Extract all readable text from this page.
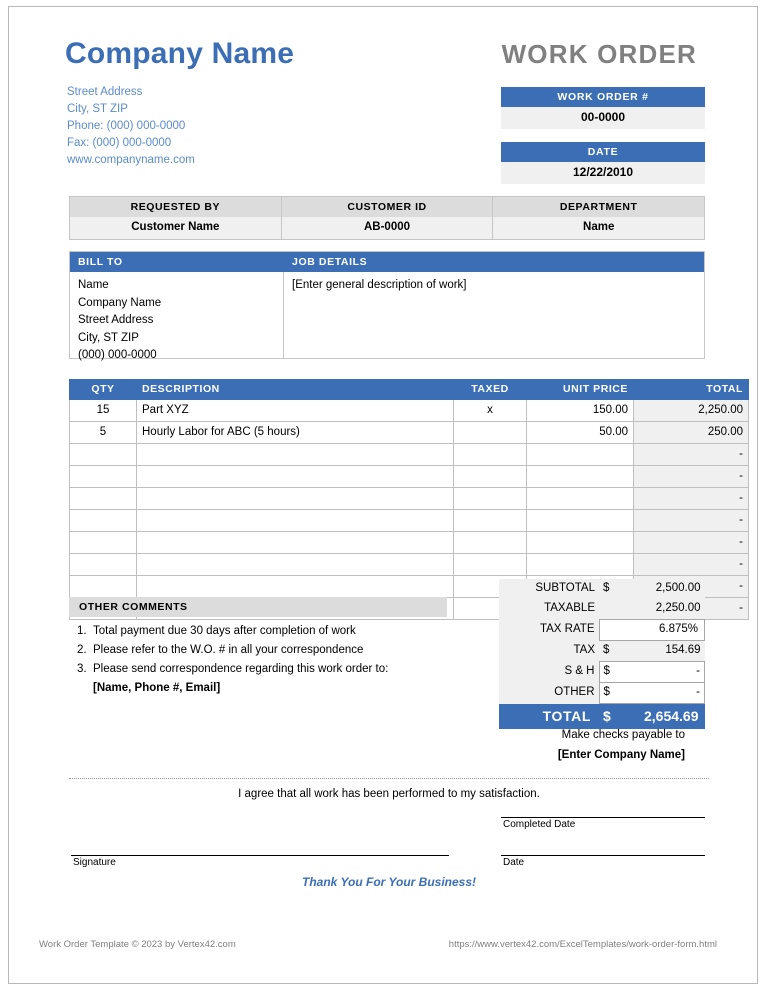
Company Name
Street Address
City, ST ZIP
Phone: (000) 000-0000
Fax: (000) 000-0000
www.companyname.com
WORK ORDER
WORK ORDER #
00-0000
DATE
12/22/2010
REQUESTED BY
Customer Name
CUSTOMER ID
AB-0000
DEPARTMENT
Name
BILL TO	JOB DETAILS
Name
Company Name
Street Address
City, ST ZIP
(000) 000-0000
[Enter general description of work]
QTY	DESCRIPTION	TAXED	UNIT PRICE	TOTAL
15	Part XYZ	x	150.00	2,250.00
5	Hourly Labor for ABC (5 hours)		50.00	250.00
				-
				-
				-
				-
				-
				-
				-
				-
OTHER COMMENTS
Total payment due 30 days after completion of work
Please refer to the W.O. # in all your correspondence
Please send correspondence regarding this work order to:
[Name, Phone #, Email]
SUBTOTAL	$	2,500.00
TAXABLE		2,250.00
TAX RATE	6.875%	
TAX	$	154.69
S & H	$	-
OTHER	$	-
TOTAL	$	2,654.69
Make checks payable to
[Enter Company Name]
I agree that all work has been performed to my satisfaction.
Completed Date
Signature	Date
Thank You For Your Business!
Work Order Template © 2023 by Vertex42.com	https://www.vertex42.com/ExcelTemplates/work-order-form.html
